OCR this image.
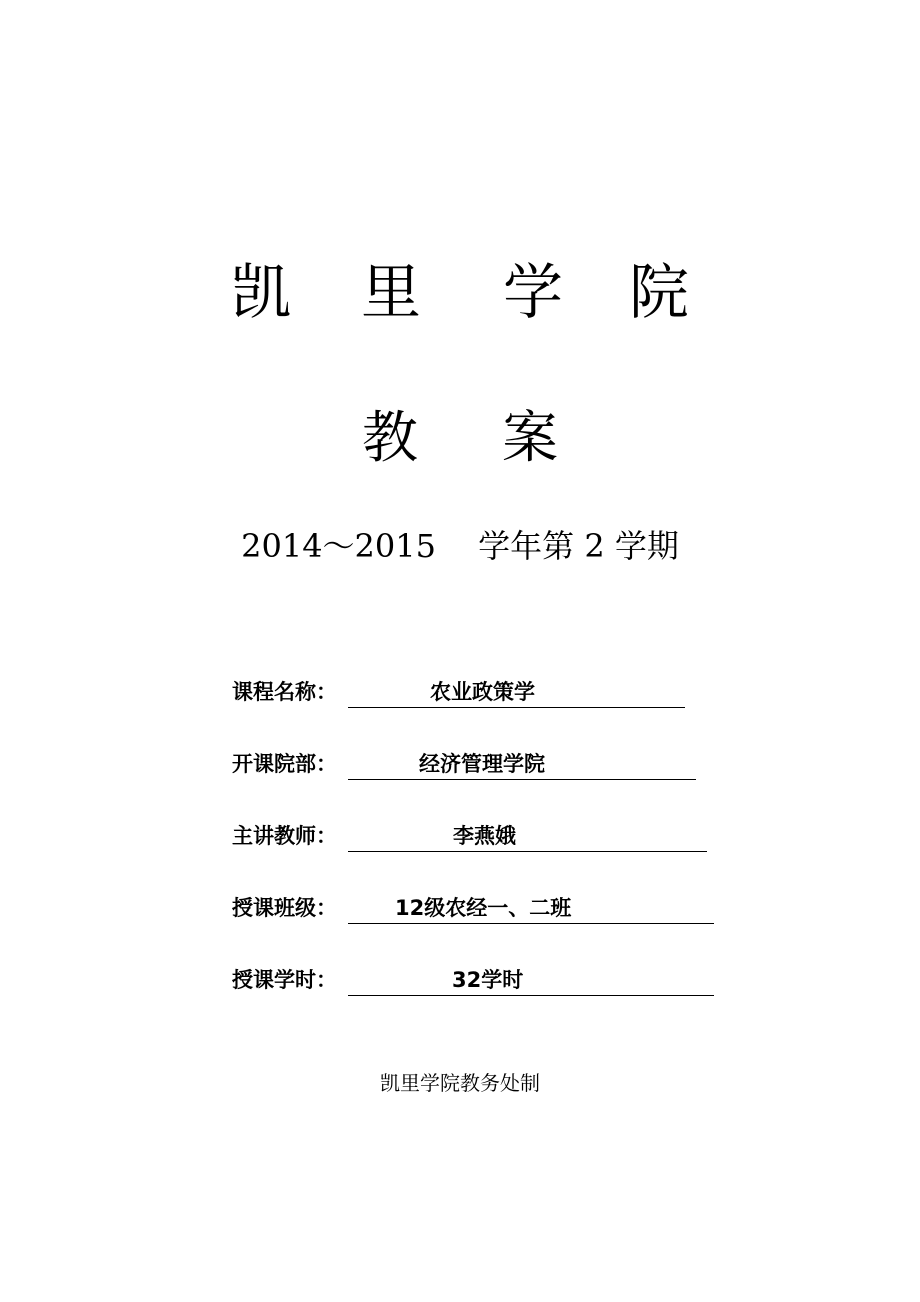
凯 里 学 院
教 案
2014～2015　 学年第 2 学期
课程名称：	农业政策学
开课院部：	经济管理学院
主讲教师：	李燕娥
授课班级：	12级农经一、二班
授课学时：	32学时
凯里学院教务处制
